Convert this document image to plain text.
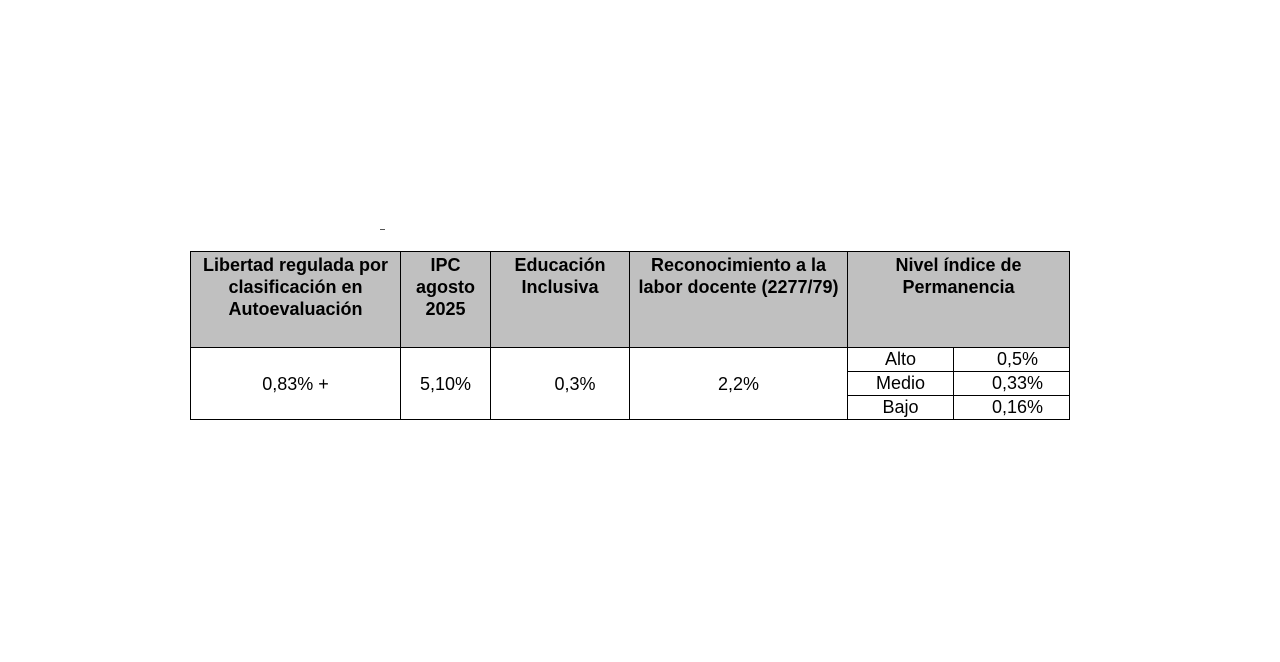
Libertad regulada por clasificación en Autoevaluación	IPC agosto 2025	Educación Inclusiva	Reconocimiento a la labor docente (2277/79)	Nivel índice de Permanencia
0,83% +	5,10%	0,3%	2,2%	
Alto	0,5%
Medio	0,33%
Bajo	0,16%
